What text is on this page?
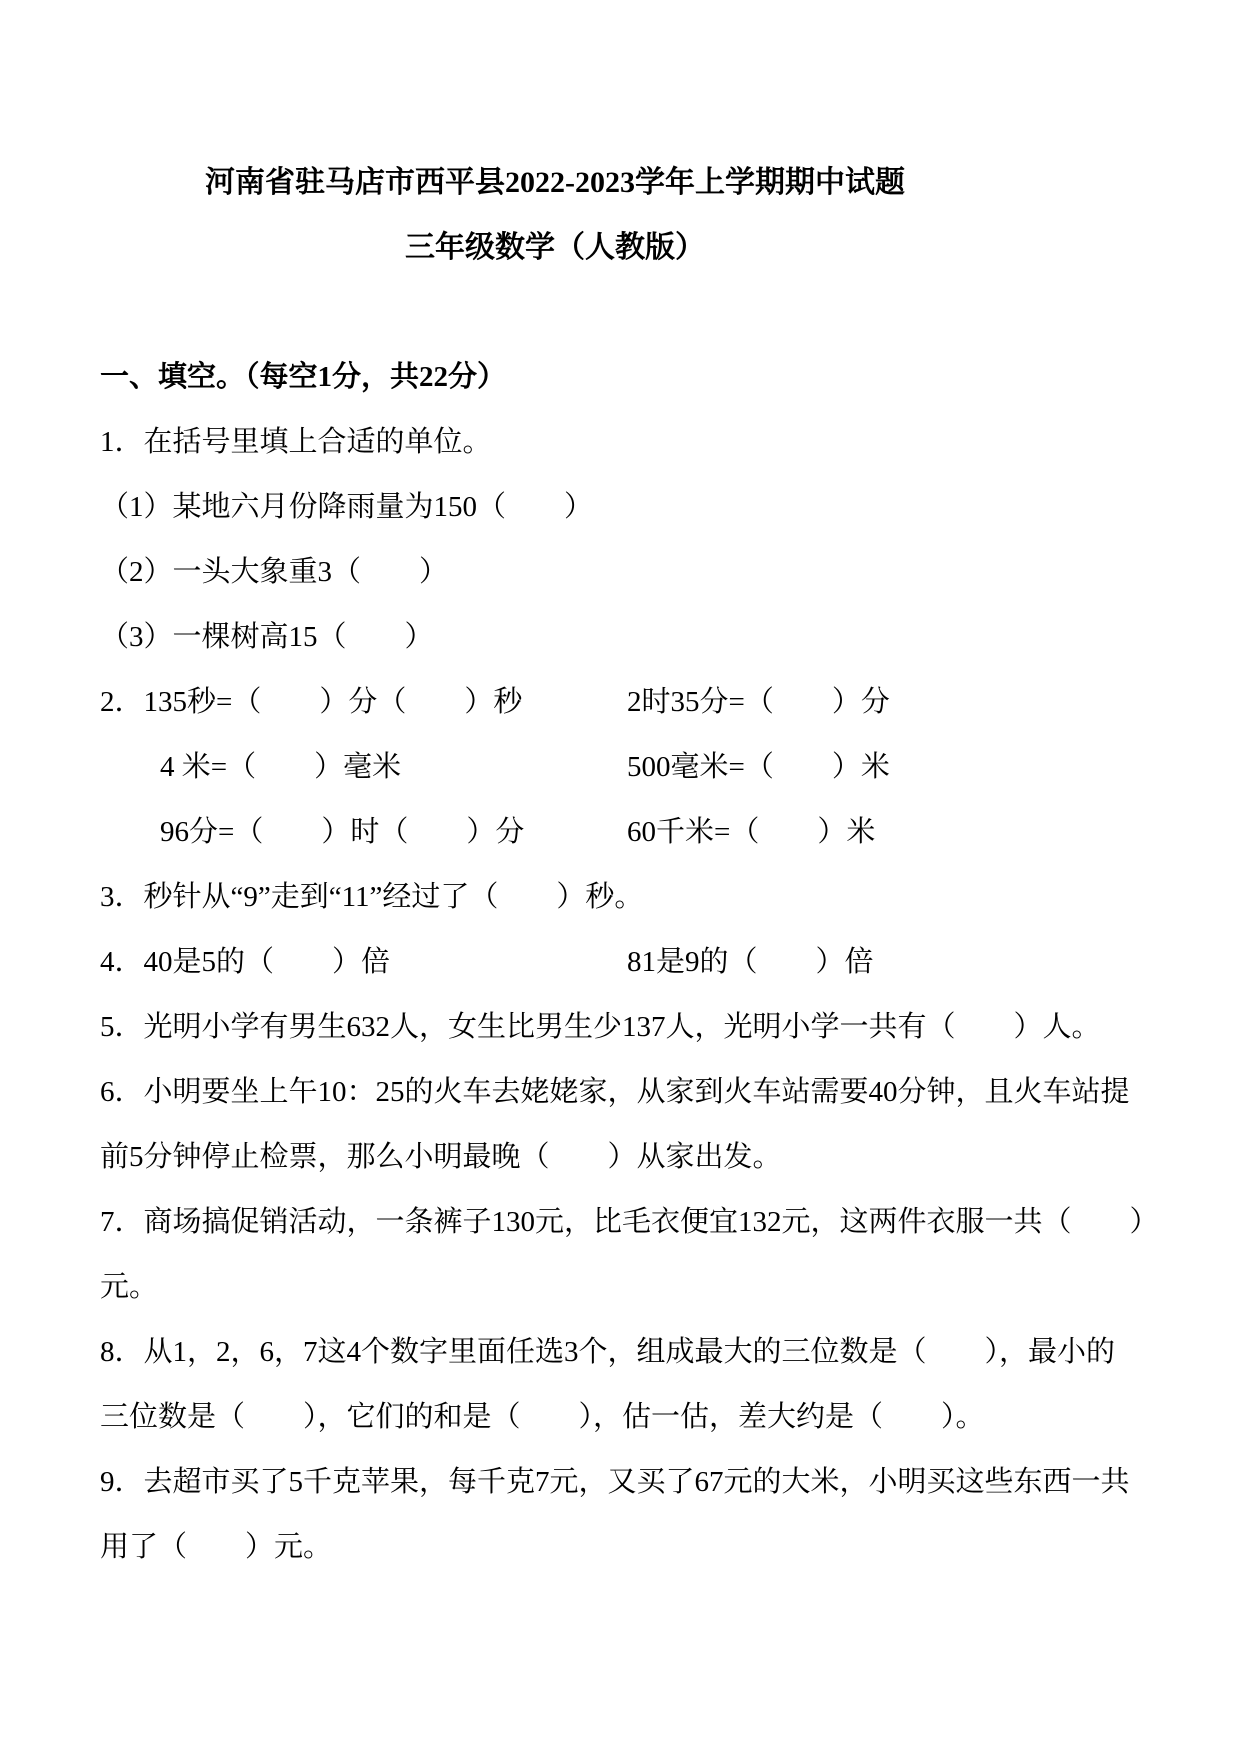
河南省驻马店市西平县2022-2023学年上学期期中试题
三年级数学（人教版）
一、填空。（每空1分，共22分）
1．在括号里填上合适的单位。
（1）某地六月份降雨量为150（　　）
（2）一头大象重3（　　）
（3）一棵树高15（　　）
2．135秒=（　　）分（　　）秒	2时35分=（　　）分
4 米=（　　）毫米	500毫米=（　　）米
96分=（　　）时（　　）分	60千米=（　　）米
3．秒针从“9”走到“11”经过了（　　）秒。
4．40是5的（　　）倍	81是9的（　　）倍
5．光明小学有男生632人，女生比男生少137人，光明小学一共有（　　）人。
6．小明要坐上午10：25的火车去姥姥家，从家到火车站需要40分钟，且火车站提
前5分钟停止检票，那么小明最晚（　　）从家出发。
7．商场搞促销活动，一条裤子130元，比毛衣便宜132元，这两件衣服一共（　　）
元。
8．从1，2，6，7这4个数字里面任选3个，组成最大的三位数是（　　），最小的
三位数是（　　），它们的和是（　　），估一估，差大约是（　　）。
9．去超市买了5千克苹果，每千克7元，又买了67元的大米，小明买这些东西一共
用了（　　）元。
